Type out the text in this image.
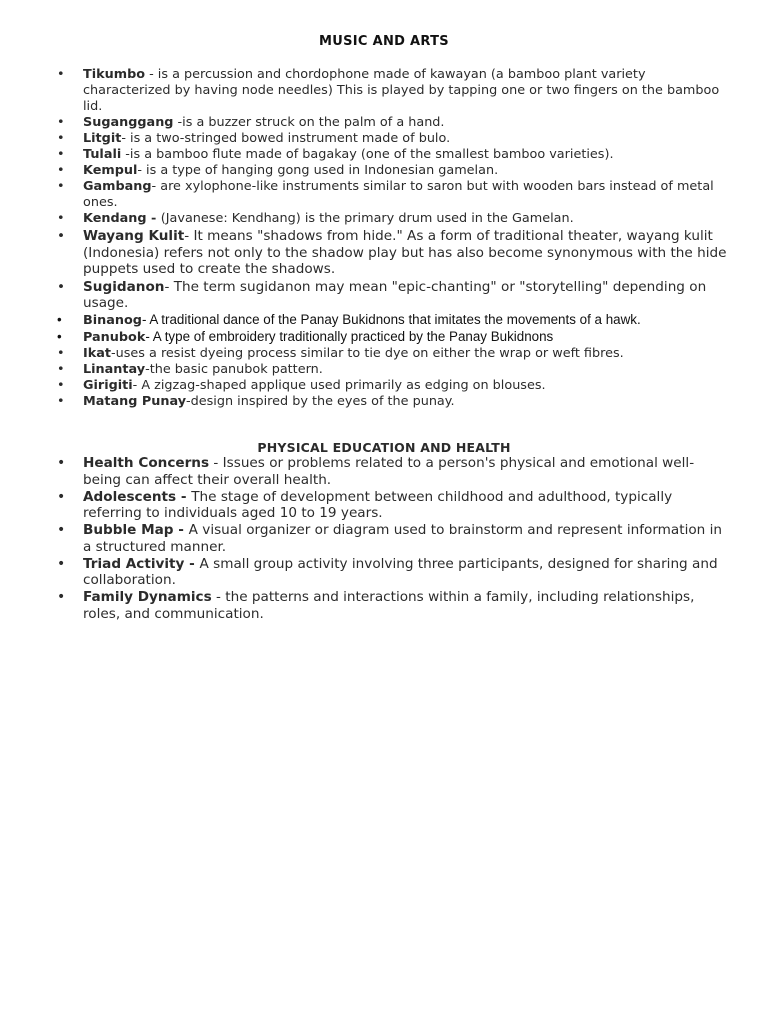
MUSIC AND ARTS
• Tikumbo - is a percussion and chordophone made of kawayan (a bamboo plant variety characterized by having node needles) This is played by tapping one or two fingers on the bamboo lid.
• Suganggang -is a buzzer struck on the palm of a hand.
• Litgit- is a two-stringed bowed instrument made of bulo.
• Tulali -is a bamboo flute made of bagakay (one of the smallest bamboo varieties).
• Kempul- is a type of hanging gong used in Indonesian gamelan.
• Gambang- are xylophone-like instruments similar to saron but with wooden bars instead of metal ones.
• Kendang - (Javanese: Kendhang) is the primary drum used in the Gamelan.
• Wayang Kulit- It means "shadows from hide." As a form of traditional theater, wayang kulit (Indonesia) refers not only to the shadow play but has also become synonymous with the hide puppets used to create the shadows.
• Sugidanon- The term sugidanon may mean "epic-chanting" or "storytelling" depending on usage.
• Binanog- A traditional dance of the Panay Bukidnons that imitates the movements of a hawk.
• Panubok- A type of embroidery traditionally practiced by the Panay Bukidnons
• Ikat-uses a resist dyeing process similar to tie dye on either the wrap or weft fibres.
• Linantay-the basic panubok pattern.
• Girigiti- A zigzag-shaped applique used primarily as edging on blouses.
• Matang Punay-design inspired by the eyes of the punay.
PHYSICAL EDUCATION AND HEALTH
• Health Concerns - Issues or problems related to a person's physical and emotional well-being can affect their overall health.
• Adolescents - The stage of development between childhood and adulthood, typically referring to individuals aged 10 to 19 years.
• Bubble Map - A visual organizer or diagram used to brainstorm and represent information in a structured manner.
• Triad Activity - A small group activity involving three participants, designed for sharing and collaboration.
• Family Dynamics - the patterns and interactions within a family, including relationships, roles, and communication.
